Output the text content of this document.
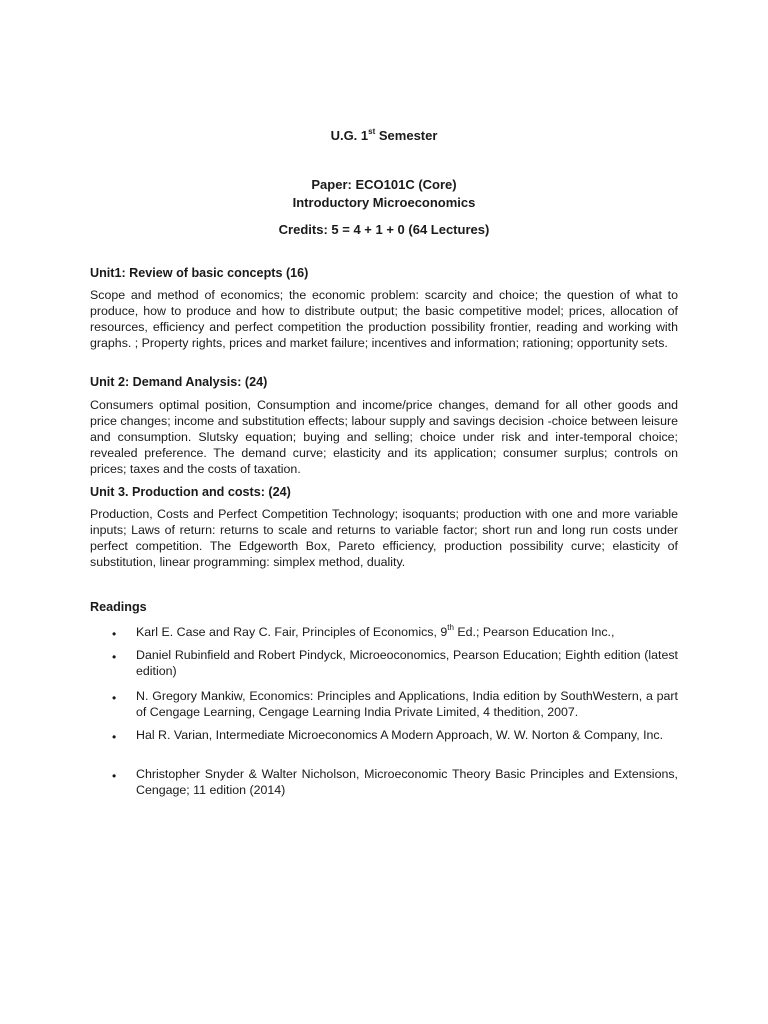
U.G. 1st Semester
Paper: ECO101C (Core)
Introductory Microeconomics
Credits: 5 = 4 + 1 + 0 (64 Lectures)
Unit1: Review of basic concepts (16)

Scope and method of economics; the economic problem: scarcity and choice; the question of what to produce, how to produce and how to distribute output; the basic competitive model; prices, allocation of resources, efficiency and perfect competition the production possibility frontier, reading and working with graphs. ; Property rights, prices and market failure; incentives and information; rationing; opportunity sets.

Unit 2: Demand Analysis: (24)

Consumers optimal position, Consumption and income/price changes, demand for all other goods and price changes; income and substitution effects; labour supply and savings decision -choice between leisure and consumption. Slutsky equation; buying and selling; choice under risk and inter-temporal choice; revealed preference. The demand curve; elasticity and its application; consumer surplus; controls on prices; taxes and the costs of taxation.

Unit 3. Production and costs: (24)

Production, Costs and Perfect Competition Technology; isoquants; production with one and more variable inputs; Laws of return: returns to scale and returns to variable factor; short run and long run costs under perfect competition. The Edgeworth Box, Pareto efficiency, production possibility curve; elasticity of substitution, linear programming: simplex method, duality.

Readings
• Karl E. Case and Ray C. Fair, Principles of Economics, 9th Ed.; Pearson Education Inc.,
• Daniel Rubinfield and Robert Pindyck, Microeoconomics, Pearson Education; Eighth edition (latest edition)
• N. Gregory Mankiw, Economics: Principles and Applications, India edition by SouthWestern, a part of Cengage Learning, Cengage Learning India Private Limited, 4 thedition, 2007.
• Hal R. Varian, Intermediate Microeconomics A Modern Approach, W. W. Norton & Company, Inc.
• Christopher Snyder & Walter Nicholson, Microeconomic Theory Basic Principles and Extensions, Cengage; 11 edition (2014)
